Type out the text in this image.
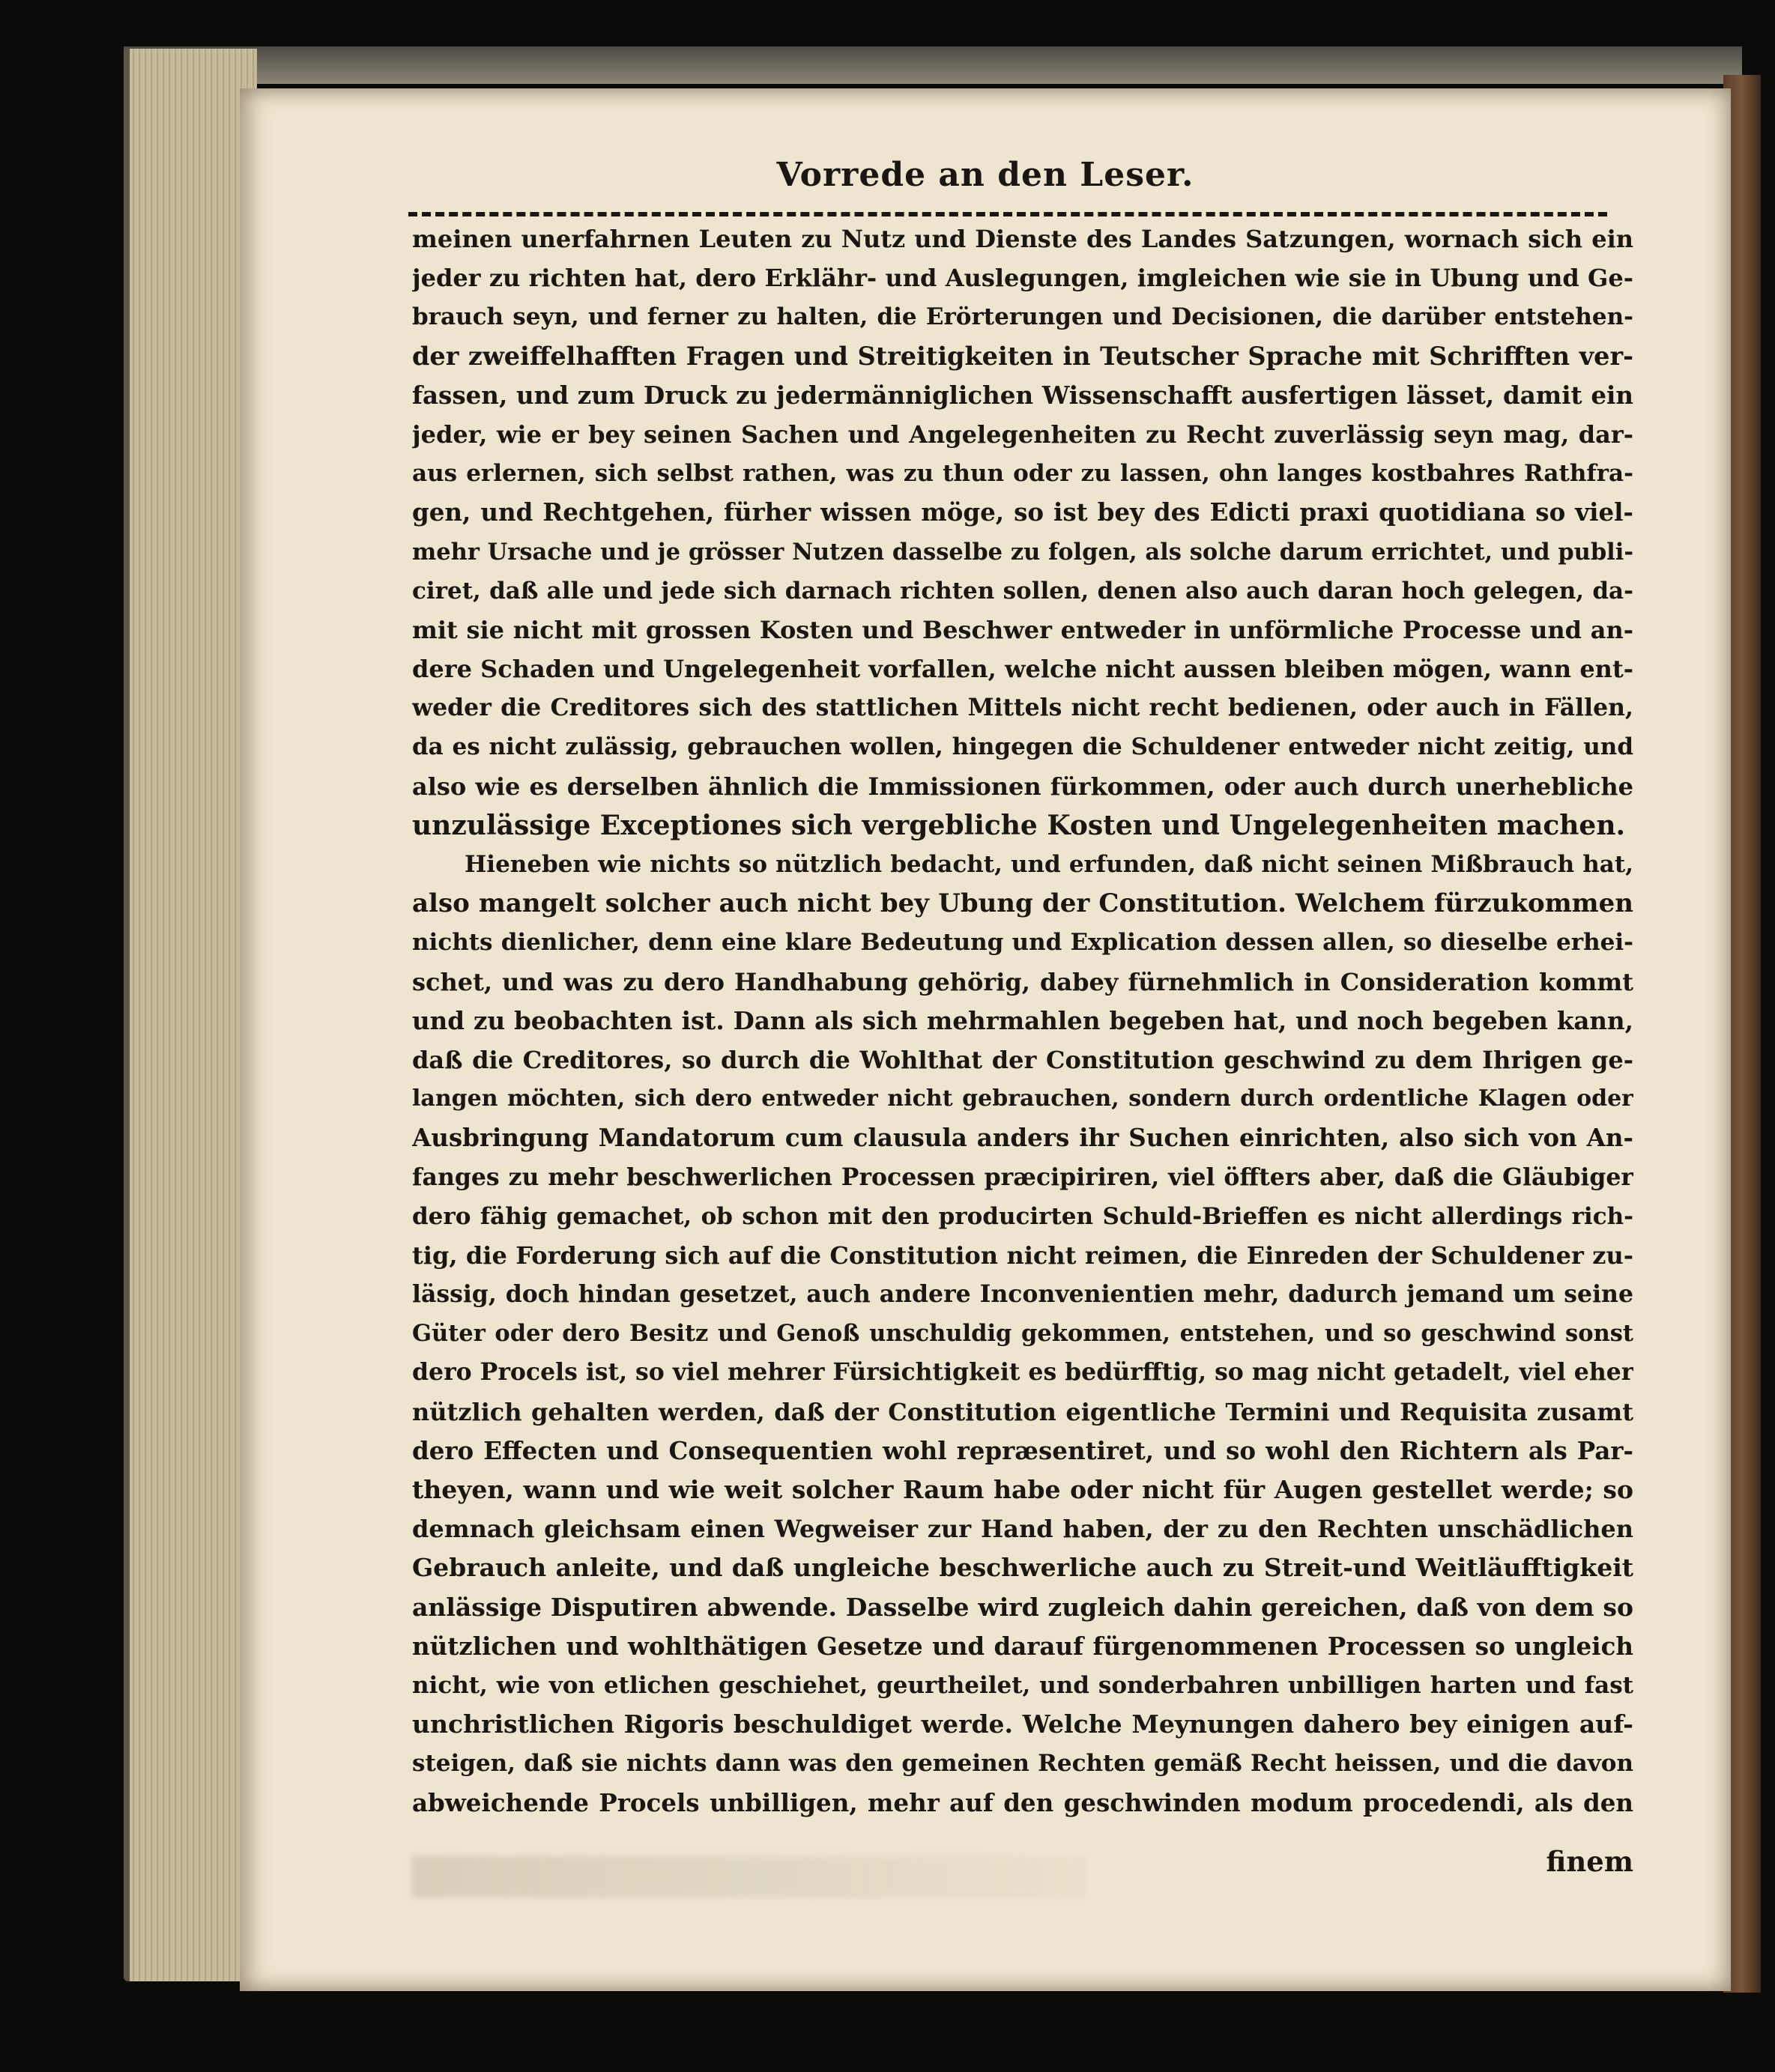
Vorrede an den Leser.
meinen unerfahrnen Leuten zu Nutz und Dienste des Landes Satzungen, wornach sich ein
jeder zu richten hat, dero Erklähr- und Auslegungen, imgleichen wie sie in Ubung und Ge-
brauch seyn, und ferner zu halten, die Erörterungen und Decisionen, die darüber entstehen-
der zweiffelhafften Fragen und Streitigkeiten in Teutscher Sprache mit Schrifften ver-
fassen, und zum Druck zu jedermänniglichen Wissenschafft ausfertigen lässet, damit ein
jeder, wie er bey seinen Sachen und Angelegenheiten zu Recht zuverlässig seyn mag, dar-
aus erlernen, sich selbst rathen, was zu thun oder zu lassen, ohn langes kostbahres Rathfra-
gen, und Rechtgehen, fürher wissen möge, so ist bey des Edicti praxi quotidiana so viel-
mehr Ursache und je grösser Nutzen dasselbe zu folgen, als solche darum errichtet, und publi-
ciret, daß alle und jede sich darnach richten sollen, denen also auch daran hoch gelegen, da-
mit sie nicht mit grossen Kosten und Beschwer entweder in unförmliche Processe und an-
dere Schaden und Ungelegenheit vorfallen, welche nicht aussen bleiben mögen, wann ent-
weder die Creditores sich des stattlichen Mittels nicht recht bedienen, oder auch in Fällen,
da es nicht zulässig, gebrauchen wollen, hingegen die Schuldener entweder nicht zeitig, und
also wie es derselben ähnlich die Immissionen fürkommen, oder auch durch unerhebliche
unzulässige Exceptiones sich vergebliche Kosten und Ungelegenheiten machen.
Hieneben wie nichts so nützlich bedacht, und erfunden, daß nicht seinen Mißbrauch hat,
also mangelt solcher auch nicht bey Ubung der Constitution. Welchem fürzukommen
nichts dienlicher, denn eine klare Bedeutung und Explication dessen allen, so dieselbe erhei-
schet, und was zu dero Handhabung gehörig, dabey fürnehmlich in Consideration kommt
und zu beobachten ist. Dann als sich mehrmahlen begeben hat, und noch begeben kann,
daß die Creditores, so durch die Wohlthat der Constitution geschwind zu dem Ihrigen ge-
langen möchten, sich dero entweder nicht gebrauchen, sondern durch ordentliche Klagen oder
Ausbringung Mandatorum cum clausula anders ihr Suchen einrichten, also sich von An-
fanges zu mehr beschwerlichen Processen præcipiriren, viel öffters aber, daß die Gläubiger
dero fähig gemachet, ob schon mit den producirten Schuld-Brieffen es nicht allerdings rich-
tig, die Forderung sich auf die Constitution nicht reimen, die Einreden der Schuldener zu-
lässig, doch hindan gesetzet, auch andere Inconvenientien mehr, dadurch jemand um seine
Güter oder dero Besitz und Genoß unschuldig gekommen, entstehen, und so geschwind sonst
dero Procels ist, so viel mehrer Fürsichtigkeit es bedürfftig, so mag nicht getadelt, viel eher
nützlich gehalten werden, daß der Constitution eigentliche Termini und Requisita zusamt
dero Effecten und Consequentien wohl repræsentiret, und so wohl den Richtern als Par-
theyen, wann und wie weit solcher Raum habe oder nicht für Augen gestellet werde; so
demnach gleichsam einen Wegweiser zur Hand haben, der zu den Rechten unschädlichen
Gebrauch anleite, und daß ungleiche beschwerliche auch zu Streit-und Weitläufftigkeit
anlässige Disputiren abwende. Dasselbe wird zugleich dahin gereichen, daß von dem so
nützlichen und wohlthätigen Gesetze und darauf fürgenommenen Processen so ungleich
nicht, wie von etlichen geschiehet, geurtheilet, und sonderbahren unbilligen harten und fast
unchristlichen Rigoris beschuldiget werde. Welche Meynungen dahero bey einigen auf-
steigen, daß sie nichts dann was den gemeinen Rechten gemäß Recht heissen, und die davon
abweichende Procels unbilligen, mehr auf den geschwinden modum procedendi, als den
finem
